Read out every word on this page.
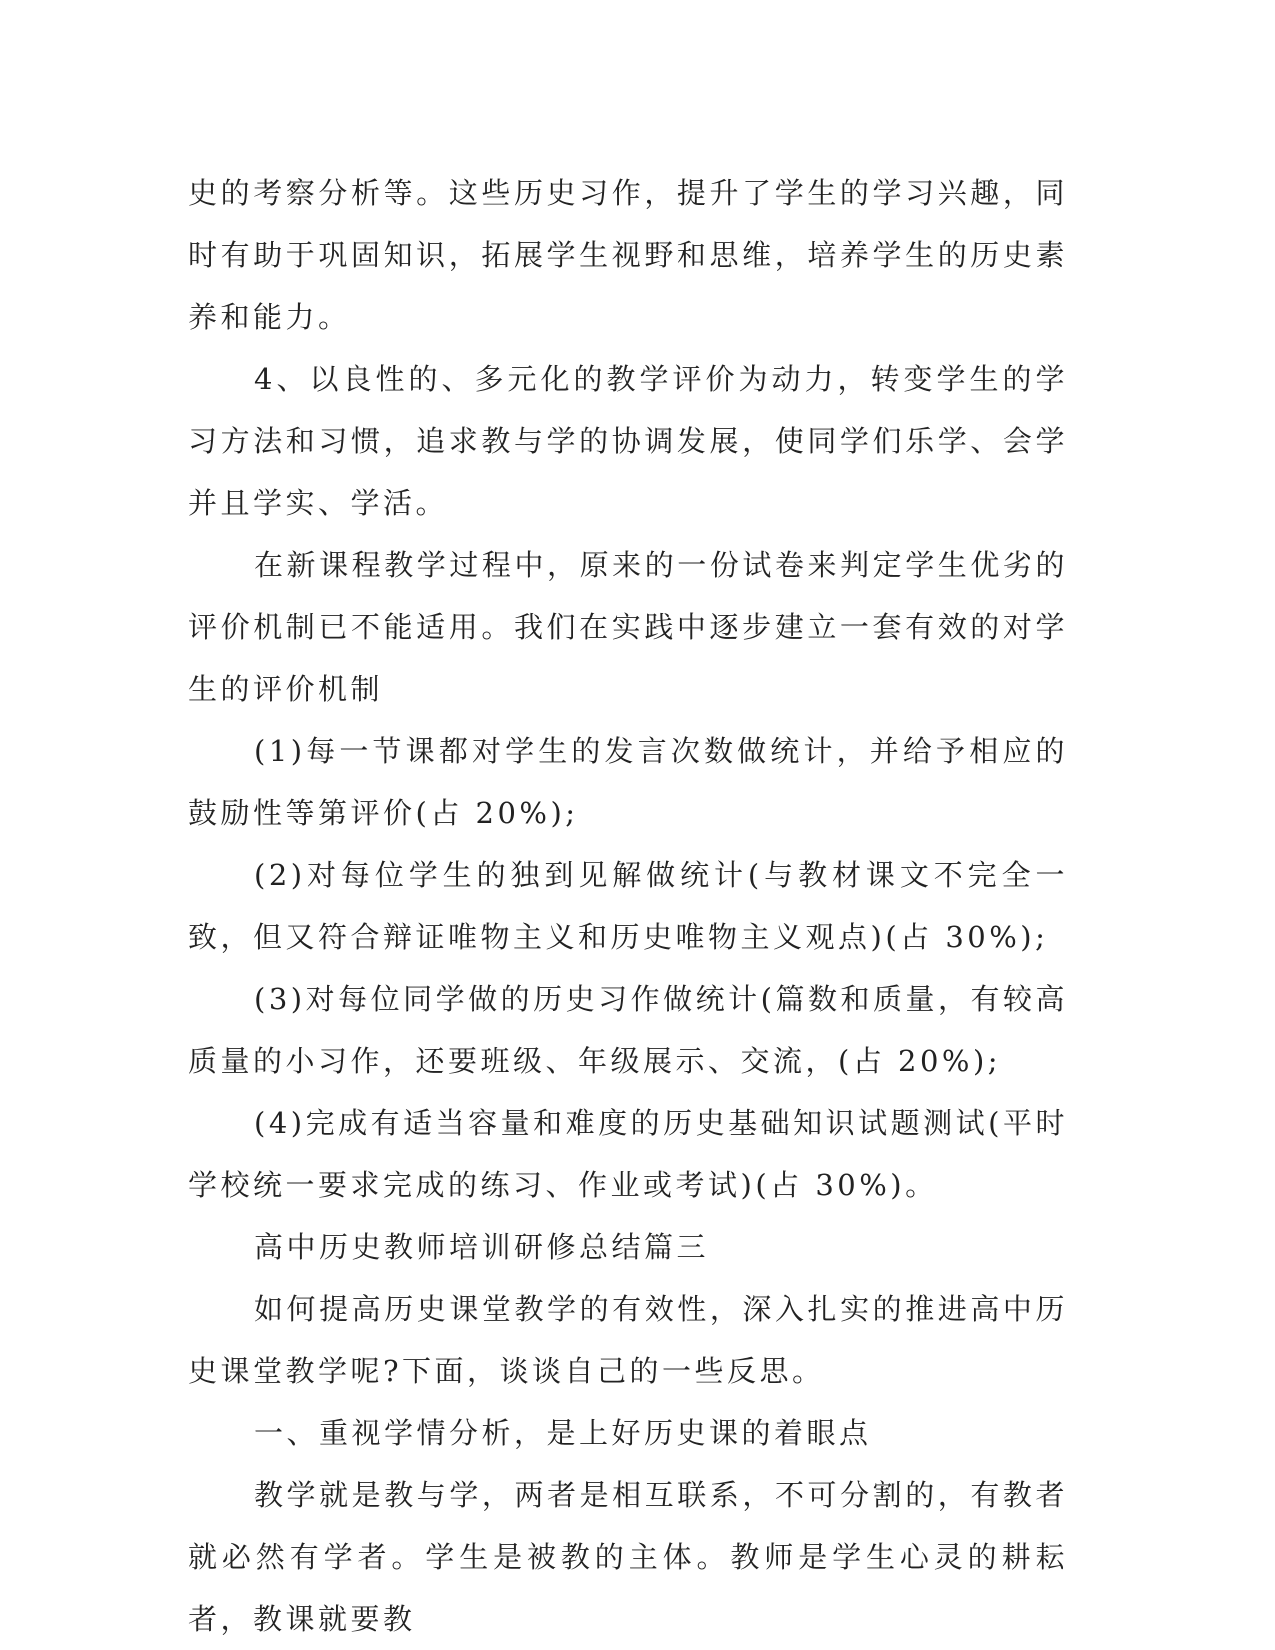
史的考察分析等。这些历史习作，提升了学生的学习兴趣，同时有助于巩固知识，拓展学生视野和思维，培养学生的历史素养和能力。

4、以良性的、多元化的教学评价为动力，转变学生的学习方法和习惯，追求教与学的协调发展，使同学们乐学、会学并且学实、学活。

在新课程教学过程中，原来的一份试卷来判定学生优劣的评价机制已不能适用。我们在实践中逐步建立一套有效的对学生的评价机制

(1)每一节课都对学生的发言次数做统计，并给予相应的鼓励性等第评价(占 20%);

(2)对每位学生的独到见解做统计(与教材课文不完全一致，但又符合辩证唯物主义和历史唯物主义观点)(占 30%);

(3)对每位同学做的历史习作做统计(篇数和质量，有较高质量的小习作，还要班级、年级展示、交流，(占 20%);

(4)完成有适当容量和难度的历史基础知识试题测试(平时学校统一要求完成的练习、作业或考试)(占 30%)。

高中历史教师培训研修总结篇三

如何提高历史课堂教学的有效性，深入扎实的推进高中历史课堂教学呢?下面，谈谈自己的一些反思。

一、重视学情分析，是上好历史课的着眼点

教学就是教与学，两者是相互联系，不可分割的，有教者就必然有学者。学生是被教的主体。教师是学生心灵的耕耘者，教课就要教
